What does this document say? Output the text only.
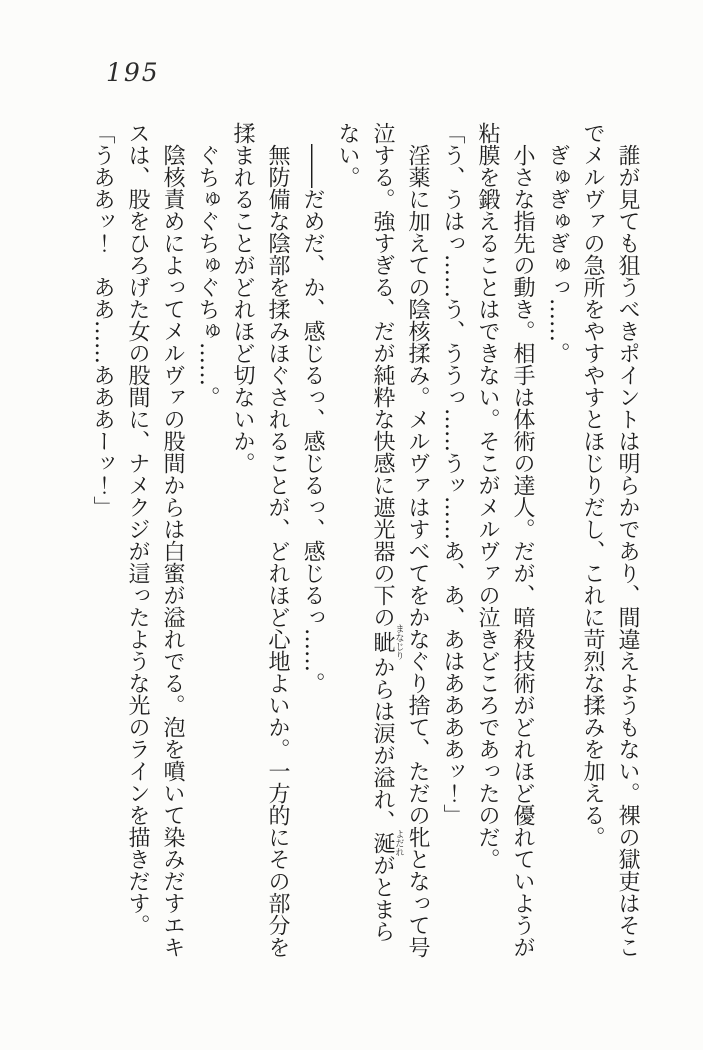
195

誰が見ても狙うべきポイントは明らかであり、間違えようもない。裸の獄吏はそこでメルヴァの急所をやすやすとほじりだし、これに苛烈な揉みを加える。

ぎゅぎゅぎゅっ……。

小さな指先の動き。相手は体術の達人。だが、暗殺技術がどれほど優れていようが粘膜を鍛えることはできない。そこがメルヴァの泣きどころであったのだ。

「う、うはっ……う、ううっ……うッ……あ、あ、あはああああッ！」

淫薬に加えての陰核揉み。メルヴァはすべてをかなぐり捨て、ただの牝となって号泣する。強すぎる、だが純粋な快感に遮光器の下の眦まなじりからは涙が溢れ、涎よだれがとまらない。

――だめだ、か、感じるっ、感じるっ、感じるっ……。

無防備な陰部を揉みほぐされることが、どれほど心地よいか。一方的にその部分を揉まれることがどれほど切ないか。

ぐちゅぐちゅぐちゅ……。

陰核責めによってメルヴァの股間からは白蜜が溢れでる。泡を噴いて染みだすエキスは、股をひろげた女の股間に、ナメクジが這ったような光のラインを描きだす。

「うああッ！　ああ……あああーッ！」
